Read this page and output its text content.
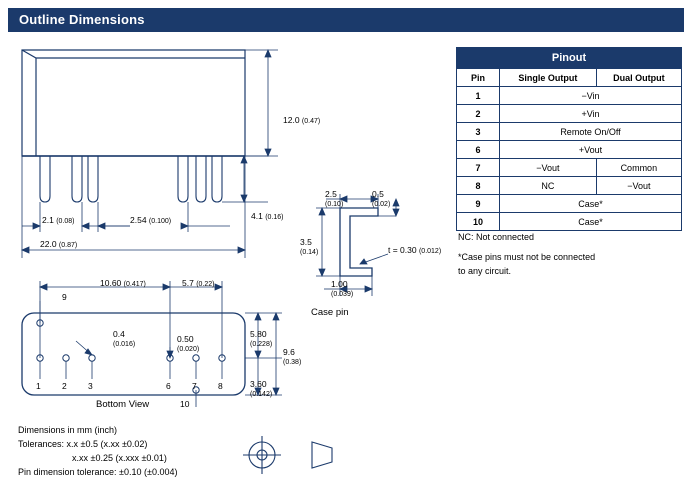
Outline Dimensions
12.0 (0.47)
4.1 (0.16)
2.1 (0.08)	2.54 (0.100)
22.0 (0.87)
2.5
(0.10)
0.5
(0.02)
3.5
(0.14)	t = 0.30 (0.012)
1.00
(0.039)
Case pin
10.60 (0.417)	5.7 (0.22)
9
0.4
(0.016)
0.50
(0.020)
5.80
(0.228)
9.6
(0.38)
3.60
(0.142)
1	2	3	6	7	8
10
Bottom View
Dimensions in mm (inch)
Tolerances: x.x ±0.5 (x.xx ±0.02)
x.xx ±0.25 (x.xxx ±0.01)
Pin dimension tolerance: ±0.10 (±0.004)
Pinout		
Pin	Single Output	Dual Output
1	−Vin	
2	+Vin	
3	Remote On/Off	
6	+Vout	
7	−Vout	Common
8	NC	−Vout
9	Case*	
10	Case*	
NC: Not connected
*Case pins must not be connected
to any circuit.
